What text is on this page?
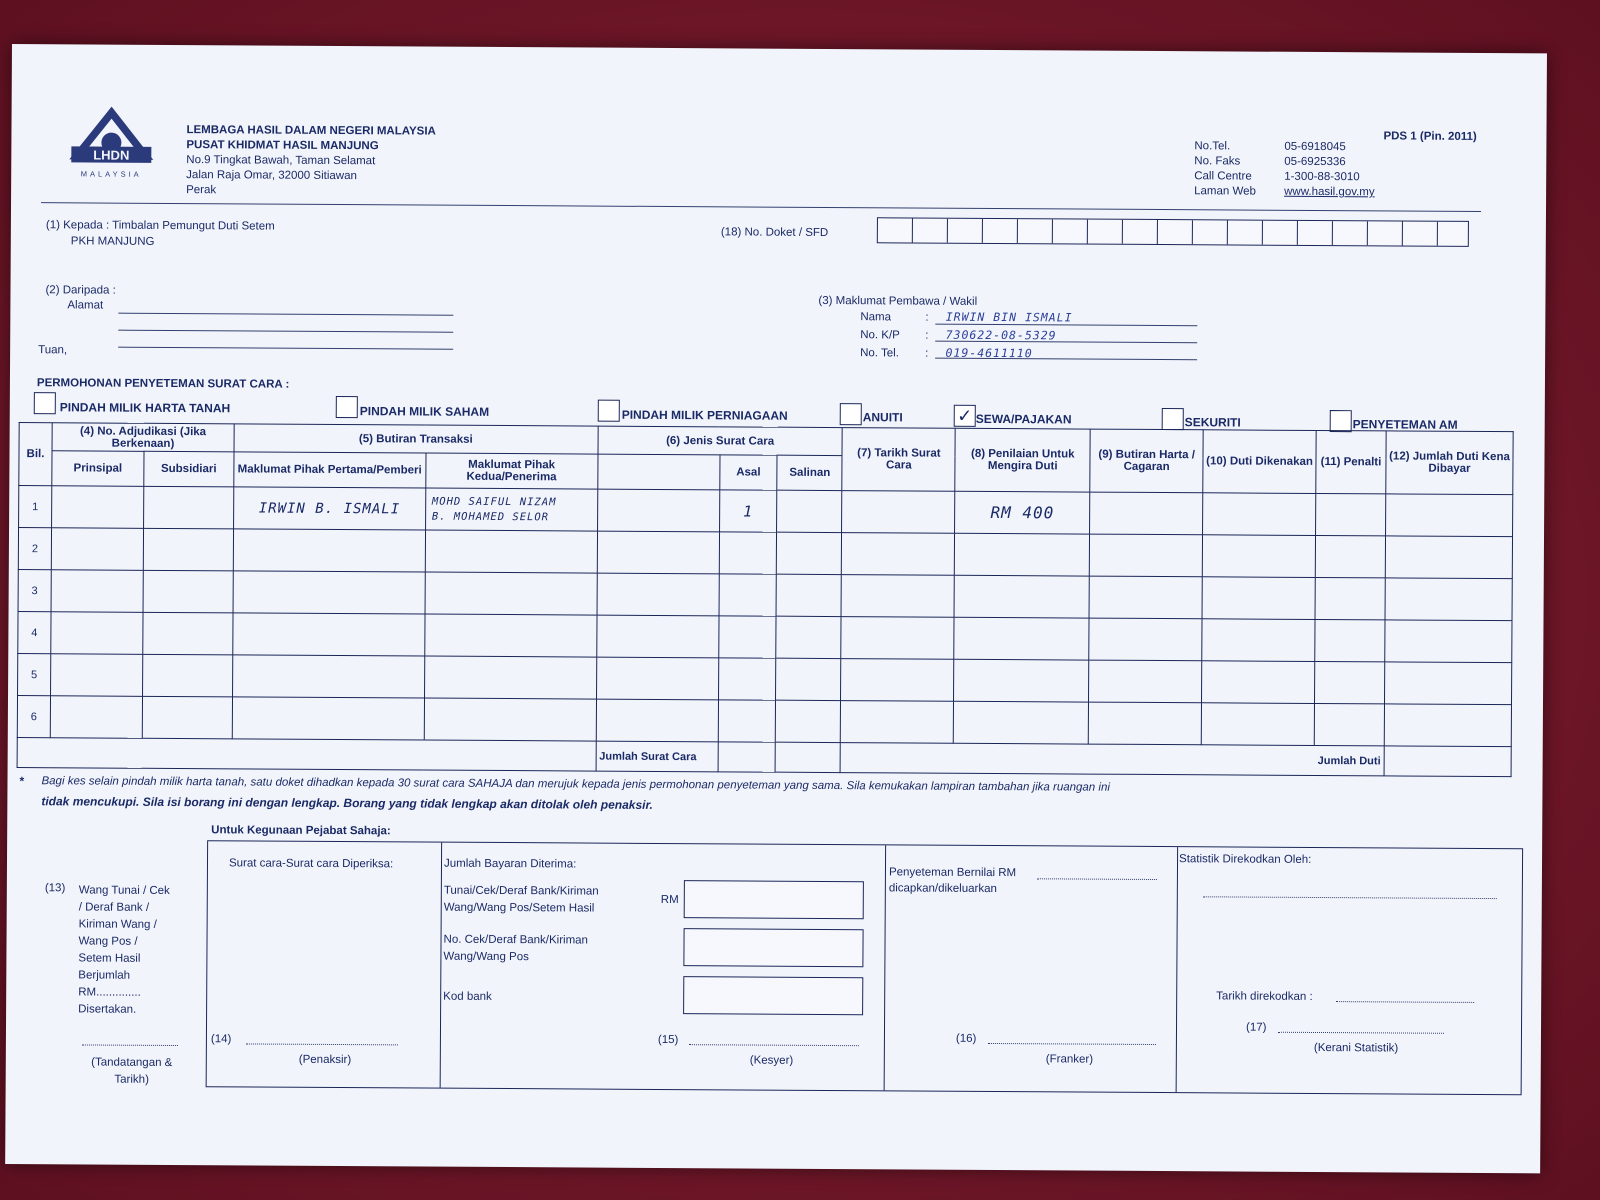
LHDN
MALAYSIA
LEMBAGA HASIL DALAM NEGERI MALAYSIA
PUSAT KHIDMAT HASIL MANJUNG
No.9 Tingkat Bawah, Taman Selamat
Jalan Raja Omar, 32000 Sitiawan
Perak
PDS 1 (Pin. 2011)
No.Tel.	05-6918045
No. Faks	05-6925336
Call Centre	1-300-88-3010
Laman Web www.hasil.gov.my
(1) Kepada : Timbalan Pemungut Duti Setem
PKH MANJUNG
(18) No. Doket / SFD
(2) Daripada :
Alamat
Tuan,
(3) Maklumat Pembawa / Wakil
Nama	: IRWIN BIN ISMALI
No. K/P : 730622-08-5329
No. Tel. : 019-4611110
PERMOHONAN PENYETEMAN SURAT CARA :
PINDAH MILIK HARTA TANAH	PINDAH MILIK SAHAM	PINDAH MILIK PERNIAGAAN	ANUITI	✓ SEWA/PAJAKAN	SEKURITI	PENYETEMAN AM
Bil.	(4) No. Adjudikasi (Jika Berkenaan)		(5) Butiran Transaksi		(6) Jenis Surat Cara			(7) Tarikh Surat Cara	(8) Penilaian Untuk Mengira Duti	(9) Butiran Harta / Cagaran	(10) Duti Dikenakan	(11) Penalti	(12) Jumlah Duti Kena Dibayar
	Prinsipal	Subsidiari	Maklumat Pihak Pertama/Pemberi	Maklumat Pihak Kedua/Penerima		Asal	Salinan						
1			IRWIN B. ISMALI	MOHD SAIFUL NIZAM
B. MOHAMED SELOR		1			RM 400				
2				

3				

4				

5				

6				

					Jumlah Surat Cara			Jumlah Duti					
* Bagi kes selain pindah milik harta tanah, satu doket dihadkan kepada 30 surat cara SAHAJA dan merujuk kepada jenis permohonan penyeteman yang sama. Sila kemukakan lampiran tambahan jika ruangan ini
tidak mencukupi. Sila isi borang ini dengan lengkap. Borang yang tidak lengkap akan ditolak oleh penaksir.
Untuk Kegunaan Pejabat Sahaja:
(13) Wang Tunai / Cek
/ Deraf Bank /
Kiriman Wang /
Wang Pos /
Setem Hasil
Berjumlah
RM..............
Disertakan.
(Tandatangan &
Tarikh)
Surat cara-Surat cara Diperiksa:
(14)
(Penaksir)
Jumlah Bayaran Diterima:
Tunai/Cek/Deraf Bank/Kiriman
Wang/Wang Pos/Setem Hasil
RM
No. Cek/Deraf Bank/Kiriman
Wang/Wang Pos
Kod bank
(15)
(Kesyer)
Penyeteman Bernilai RM
dicapkan/dikeluarkan
(16)
(Franker)
Statistik Direkodkan Oleh:
Tarikh direkodkan :
(17)
(Kerani Statistik)
